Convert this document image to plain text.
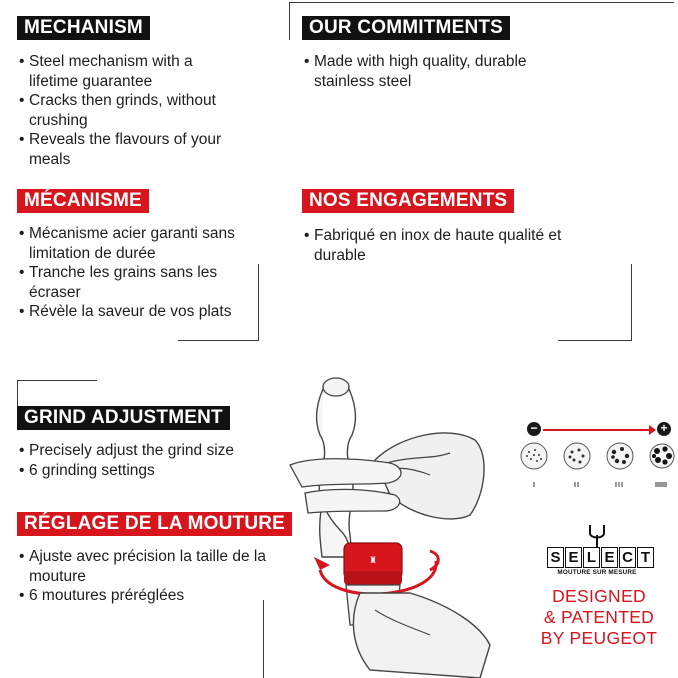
MECHANISM
• Steel mechanism with a lifetime guarantee
• Cracks then grinds, without crushing
• Reveals the flavours of your meals
OUR COMMITMENTS
• Made with high quality, durable stainless steel
MÉCANISME
• Mécanisme acier garanti sans limitation de durée
• Tranche les grains sans les écraser
• Révèle la saveur de vos plats
NOS ENGAGEMENTS
• Fabriqué en inox de haute qualité et durable
GRIND ADJUSTMENT
• Precisely adjust the grind size
• 6 grinding settings
RÉGLAGE DE LA MOUTURE
• Ajuste avec précision la taille de la mouture
• 6 moutures préréglées
♜
−	+
S E L E C T
MOUTURE SUR MESURE
DESIGNED
& PATENTED
BY PEUGEOT
